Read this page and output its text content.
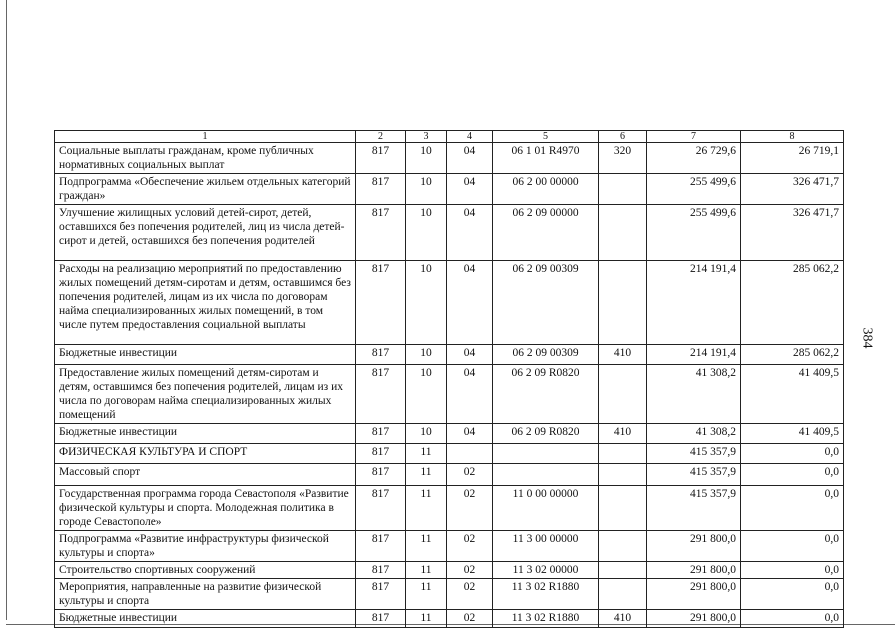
384
1	2	3	4	5	6	7	8
Социальные выплаты гражданам, кроме публичных нормативных социальных выплат	817	10	04	06 1 01 R4970	320	26 729,6	26 719,1
Подпрограмма «Обеспечение жильем отдельных категорий граждан»	817	10	04	06 2 00 00000		255 499,6	326 471,7
Улучшение жилищных условий детей-сирот, детей, оставшихся без попечения родителей, лиц из числа детей-сирот и детей, оставшихся без попечения родителей	817	10	04	06 2 09 00000		255 499,6	326 471,7
Расходы на реализацию мероприятий по предоставлению жилых помещений детям-сиротам и детям, оставшимся без попечения родителей, лицам из их числа по договорам найма специализированных жилых помещений, в том числе путем предоставления социальной выплаты	817	10	04	06 2 09 00309		214 191,4	285 062,2
Бюджетные инвестиции	817	10	04	06 2 09 00309	410	214 191,4	285 062,2
Предоставление жилых помещений детям-сиротам и детям, оставшимся без попечения родителей, лицам из их числа по договорам найма специализированных жилых помещений	817	10	04	06 2 09 R0820		41 308,2	41 409,5
Бюджетные инвестиции	817	10	04	06 2 09 R0820	410	41 308,2	41 409,5
ФИЗИЧЕСКАЯ КУЛЬТУРА И СПОРТ	817	11				415 357,9	0,0
Массовый спорт	817	11	02			415 357,9	0,0
Государственная программа города Севастополя «Развитие физической культуры и спорта. Молодежная политика в городе Севастополе»	817	11	02	11 0 00 00000		415 357,9	0,0
Подпрограмма «Развитие инфраструктуры физической культуры и спорта»	817	11	02	11 3 00 00000		291 800,0	0,0
Строительство спортивных сооружений	817	11	02	11 3 02 00000		291 800,0	0,0
Мероприятия, направленные на развитие физической культуры и спорта	817	11	02	11 3 02 R1880		291 800,0	0,0
Бюджетные инвестиции	817	11	02	11 3 02 R1880	410	291 800,0	0,0
